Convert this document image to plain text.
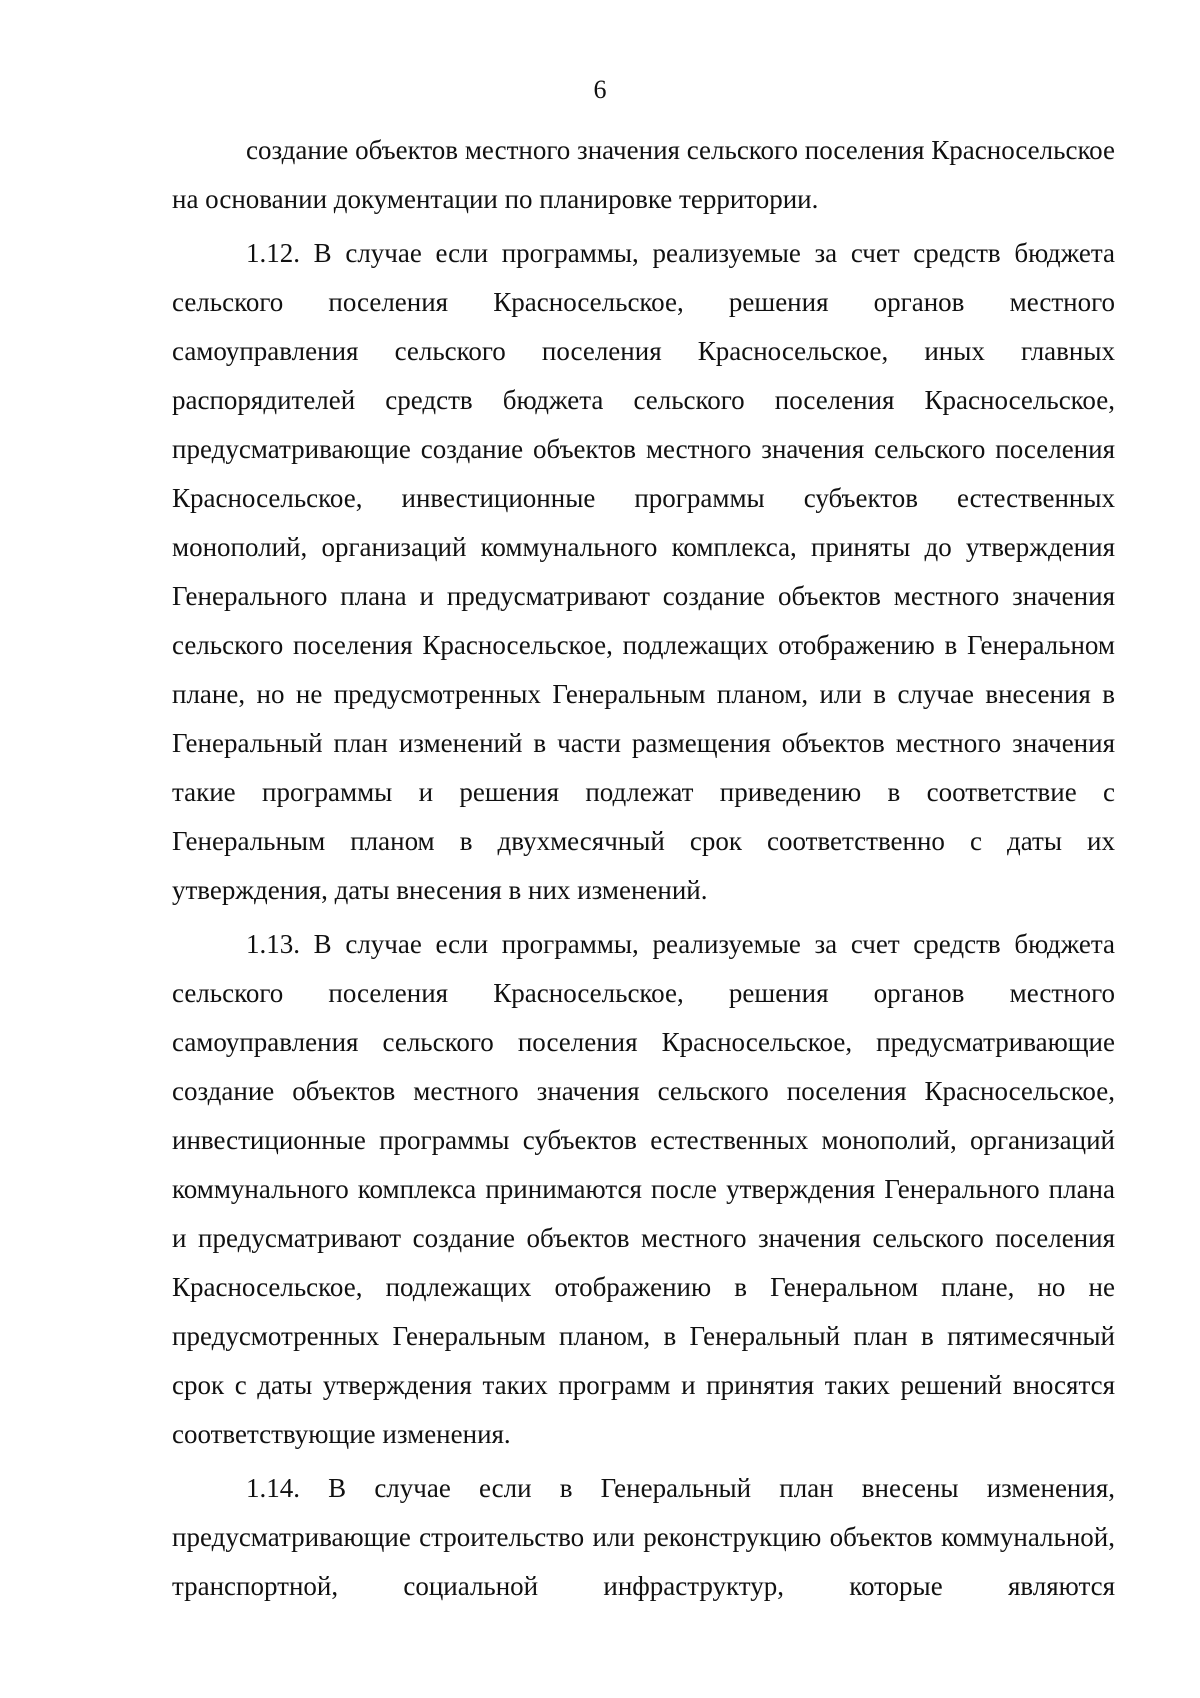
6

создание объектов местного значения сельского поселения Красносельское на основании документации по планировке территории.

1.12. В случае если программы, реализуемые за счет средств бюджета сельского поселения Красносельское, решения органов местного самоуправления сельского поселения Красносельское, иных главных распорядителей средств бюджета сельского поселения Красносельское, предусматривающие создание объектов местного значения сельского поселения Красносельское, инвестиционные программы субъектов естественных монополий, организаций коммунального комплекса, приняты до утверждения Генерального плана и предусматривают создание объектов местного значения сельского поселения Красносельское, подлежащих отображению в Генеральном плане, но не предусмотренных Генеральным планом, или в случае внесения в Генеральный план изменений в части размещения объектов местного значения такие программы и решения подлежат приведению в соответствие с Генеральным планом в двухмесячный срок соответственно с даты их утверждения, даты внесения в них изменений.

1.13. В случае если программы, реализуемые за счет средств бюджета сельского поселения Красносельское, решения органов местного самоуправления сельского поселения Красносельское, предусматривающие создание объектов местного значения сельского поселения Красносельское, инвестиционные программы субъектов естественных монополий, организаций коммунального комплекса принимаются после утверждения Генерального плана и предусматривают создание объектов местного значения сельского поселения Красносельское, подлежащих отображению в Генеральном плане, но не предусмотренных Генеральным планом, в Генеральный план в пятимесячный срок с даты утверждения таких программ и принятия таких решений вносятся соответствующие изменения.

1.14. В случае если в Генеральный план внесены изменения, предусматривающие строительство или реконструкцию объектов коммунальной, транспортной, социальной инфраструктур, которые являются
